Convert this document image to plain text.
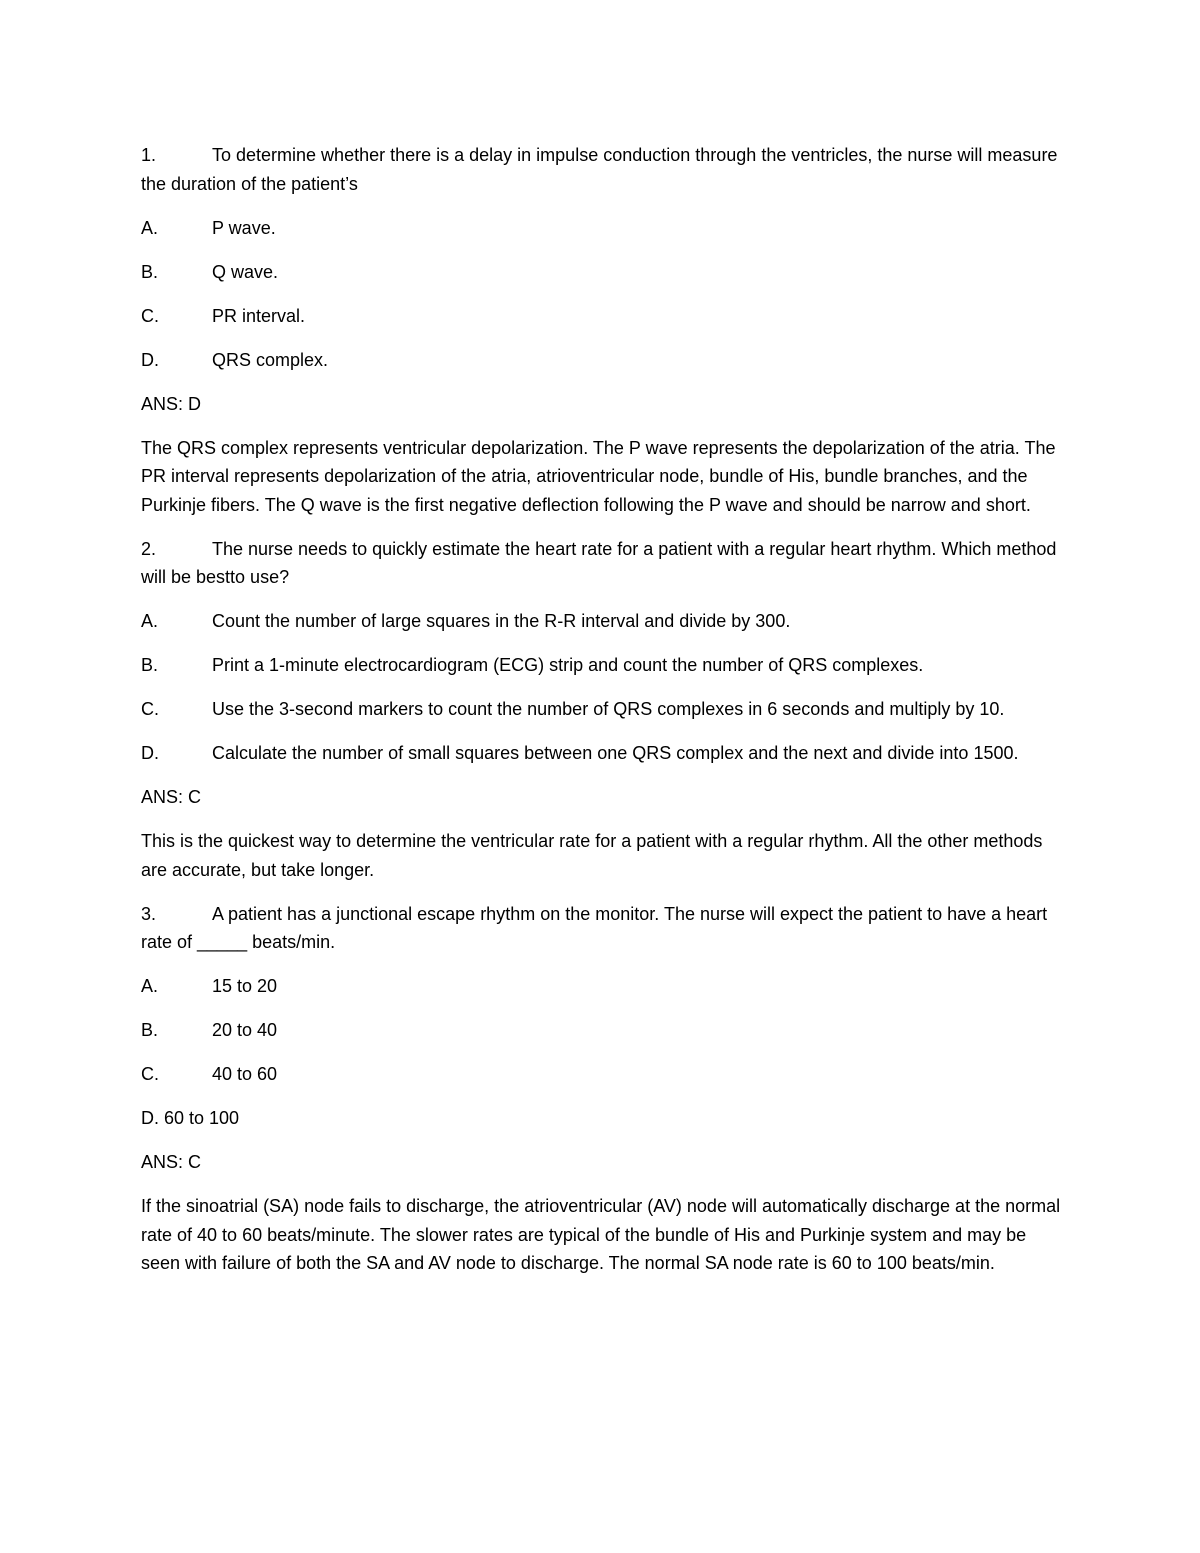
1.	To determine whether there is a delay in impulse conduction through the ventricles, the nurse will measure the duration of the patient’s
A.	P wave.
B.	Q wave.
C.	PR interval.
D.	QRS complex.
ANS: D
The QRS complex represents ventricular depolarization. The P wave represents the depolarization of the atria. The PR interval represents depolarization of the atria, atrioventricular node, bundle of His, bundle branches, and the Purkinje fibers. The Q wave is the first negative deflection following the P wave and should be narrow and short.
2.	The nurse needs to quickly estimate the heart rate for a patient with a regular heart rhythm. Which method will be bestto use?
A.	Count the number of large squares in the R-R interval and divide by 300.
B.	Print a 1-minute electrocardiogram (ECG) strip and count the number of QRS complexes.
C.	Use the 3-second markers to count the number of QRS complexes in 6 seconds and multiply by 10.
D.	Calculate the number of small squares between one QRS complex and the next and divide into 1500.
ANS: C
This is the quickest way to determine the ventricular rate for a patient with a regular rhythm. All the other methods are accurate, but take longer.
3.	A patient has a junctional escape rhythm on the monitor. The nurse will expect the patient to have a heart rate of _____ beats/min.
A.	15 to 20
B.	20 to 40
C.	40 to 60
D. 60 to 100
ANS: C
If the sinoatrial (SA) node fails to discharge, the atrioventricular (AV) node will automatically discharge at the normal rate of 40 to 60 beats/minute. The slower rates are typical of the bundle of His and Purkinje system and may be seen with failure of both the SA and AV node to discharge. The normal SA node rate is 60 to 100 beats/min.
